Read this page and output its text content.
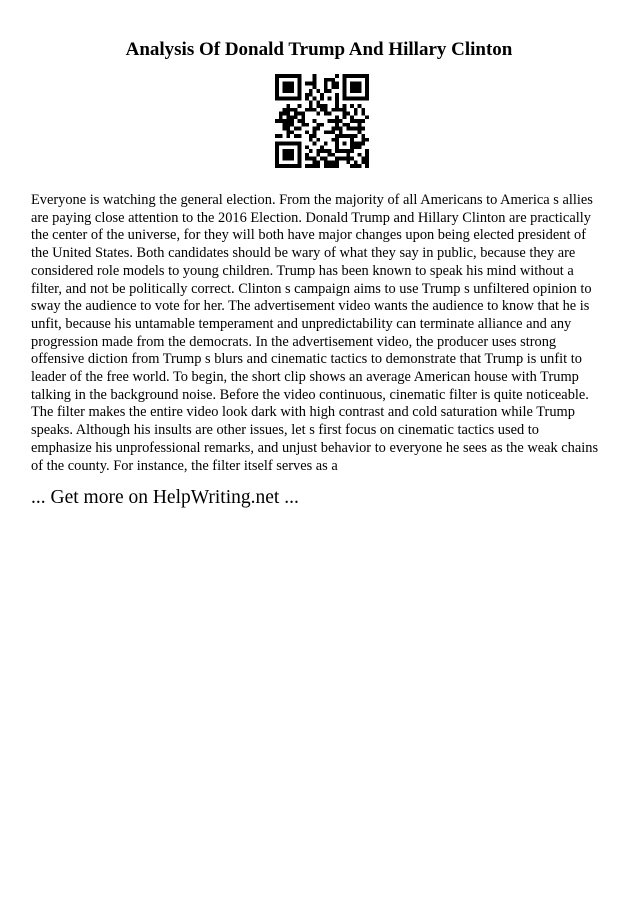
Analysis Of Donald Trump And Hillary Clinton
Everyone is watching the general election. From the majority of all Americans to America s allies
are paying close attention to the 2016 Election. Donald Trump and Hillary Clinton are practically
the center of the universe, for they will both have major changes upon being elected president of
the United States. Both candidates should be wary of what they say in public, because they are
considered role models to young children. Trump has been known to speak his mind without a
filter, and not be politically correct. Clinton s campaign aims to use Trump s unfiltered opinion to
sway the audience to vote for her. The advertisement video wants the audience to know that he is
unfit, because his untamable temperament and unpredictability can terminate alliance and any
progression made from the democrats. In the advertisement video, the producer uses strong
offensive diction from Trump s blurs and cinematic tactics to demonstrate that Trump is unfit to
leader of the free world. To begin, the short clip shows an average American house with Trump
talking in the background noise. Before the video continuous, cinematic filter is quite noticeable.
The filter makes the entire video look dark with high contrast and cold saturation while Trump
speaks. Although his insults are other issues, let s first focus on cinematic tactics used to
emphasize his unprofessional remarks, and unjust behavior to everyone he sees as the weak chains
of the county. For instance, the filter itself serves as a
... Get more on HelpWriting.net ...
